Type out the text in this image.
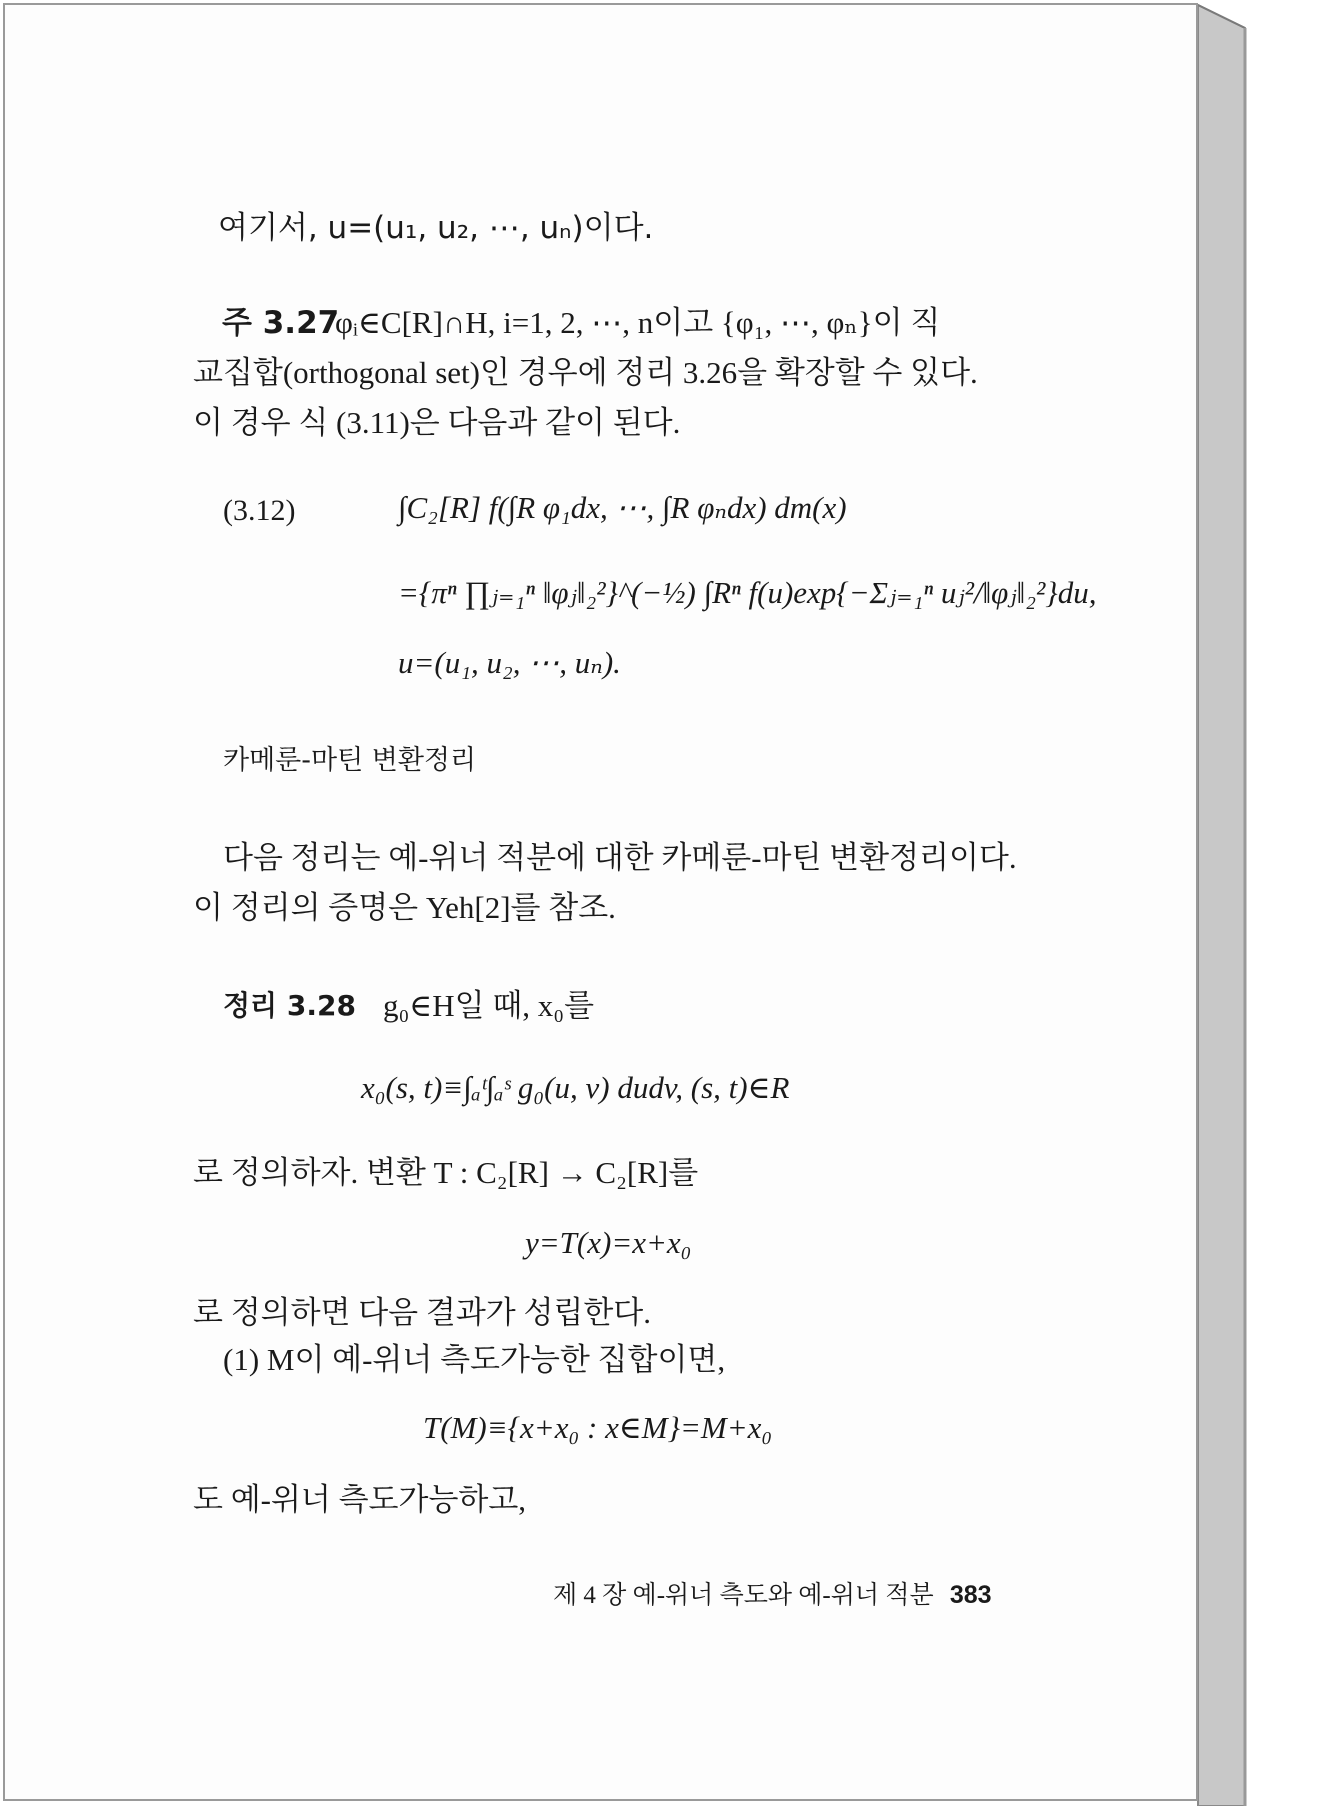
여기서, u=(u₁, u₂, ⋯, uₙ)이다.
주 3.27
φᵢ∈C[R]∩H, i=1, 2, ⋯, n이고 {φ₁, ⋯, φₙ}이 직
교집합(orthogonal set)인 경우에 정리 3.26을 확장할 수 있다.
이 경우 식 (3.11)은 다음과 같이 된다.
(3.12)	∫C₂[R] f(∫R φ₁dx, ⋯, ∫R φₙdx) dm(x)
={πⁿ ∏ⱼ₌₁ⁿ ‖φⱼ‖₂²}^(−½) ∫Rⁿ f(u)exp{−Σⱼ₌₁ⁿ uⱼ²/‖φⱼ‖₂²}du,
u=(u₁, u₂, ⋯, uₙ).
카메룬-마틴 변환정리
다음 정리는 예-위너 적분에 대한 카메룬-마틴 변환정리이다.
이 정리의 증명은 Yeh[2]를 참조.
정리 3.28 g₀∈H일 때, x₀를
x₀(s, t)≡∫ₐᵗ∫ₐˢ g₀(u, v) dudv, (s, t)∈R
로 정의하자. 변환 T : C₂[R] → C₂[R]를
y=T(x)=x+x₀
로 정의하면 다음 결과가 성립한다.
(1) M이 예-위너 측도가능한 집합이면,
T(M)≡{x+x₀ : x∈M}=M+x₀
도 예-위너 측도가능하고,
제 4 장 예-위너 측도와 예-위너 적분 383
